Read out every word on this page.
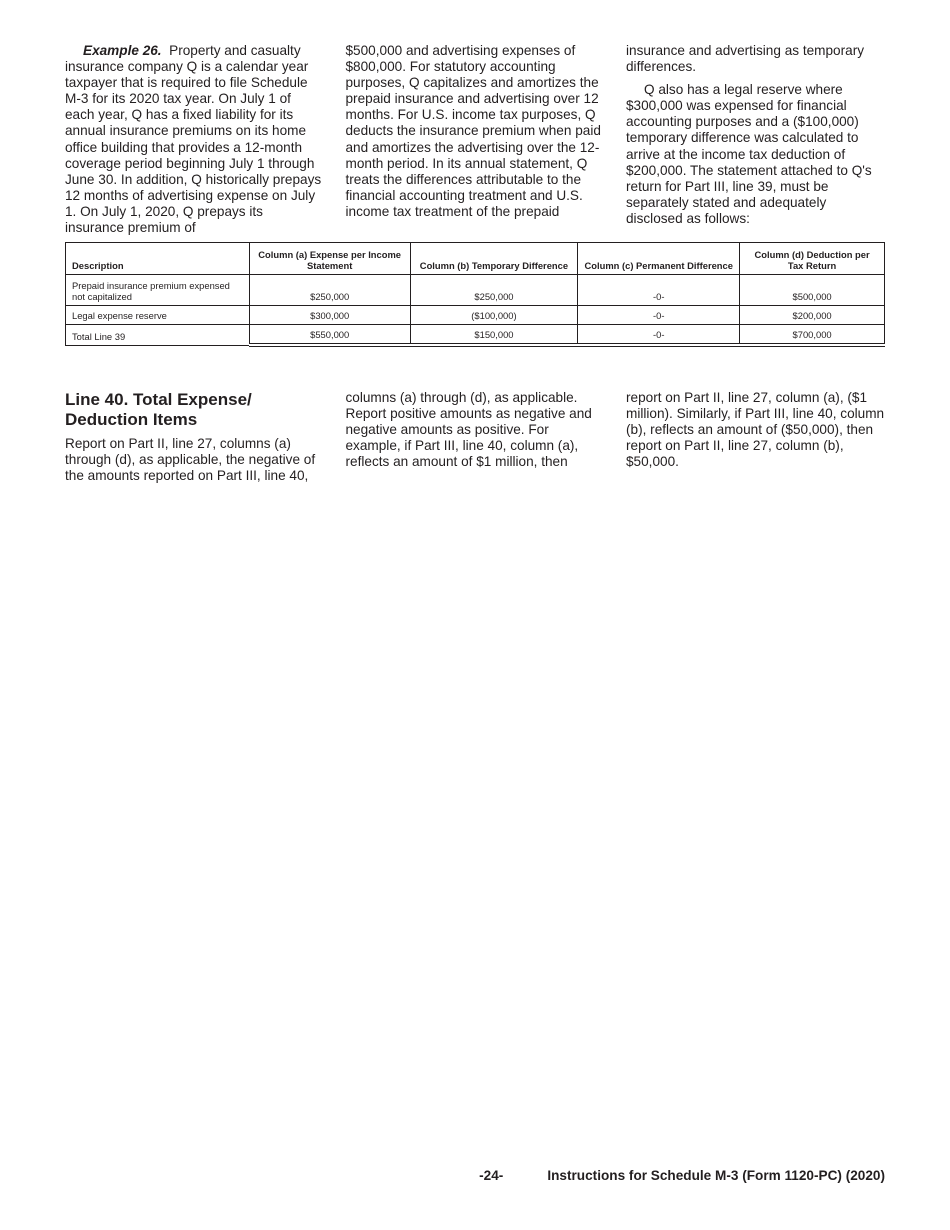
Example 26. Property and casualty insurance company Q is a calendar year taxpayer that is required to file Schedule M-3 for its 2020 tax year. On July 1 of each year, Q has a fixed liability for its annual insurance premiums on its home office building that provides a 12-month coverage period beginning July 1 through June 30. In addition, Q historically prepays 12 months of advertising expense on July 1. On July 1, 2020, Q prepays its insurance premium of

$500,000 and advertising expenses of $800,000. For statutory accounting purposes, Q capitalizes and amortizes the prepaid insurance and advertising over 12 months. For U.S. income tax purposes, Q deducts the insurance premium when paid and amortizes the advertising over the 12-month period. In its annual statement, Q treats the differences attributable to the financial accounting treatment and U.S. income tax treatment of the prepaid

insurance and advertising as temporary differences.

Q also has a legal reserve where $300,000 was expensed for financial accounting purposes and a ($100,000) temporary difference was calculated to arrive at the income tax deduction of $200,000. The statement attached to Q's return for Part III, line 39, must be separately stated and adequately disclosed as follows:

Description	Column (a) Expense per Income Statement	Column (b) Temporary Difference	Column (c) Permanent Difference	Column (d) Deduction per Tax Return
Prepaid insurance premium expensed not capitalized	$250,000	$250,000	-0-	$500,000
Legal expense reserve	$300,000	($100,000)	-0-	$200,000
Total Line 39	$550,000	$150,000	-0-	$700,000
Line 40. Total Expense/ Deduction Items

Report on Part II, line 27, columns (a) through (d), as applicable, the negative of the amounts reported on Part III, line 40,

columns (a) through (d), as applicable. Report positive amounts as negative and negative amounts as positive. For example, if Part III, line 40, column (a), reflects an amount of $1 million, then

report on Part II, line 27, column (a), ($1 million). Similarly, if Part III, line 40, column (b), reflects an amount of ($50,000), then report on Part II, line 27, column (b), $50,000.

-24-	Instructions for Schedule M-3 (Form 1120-PC) (2020)
